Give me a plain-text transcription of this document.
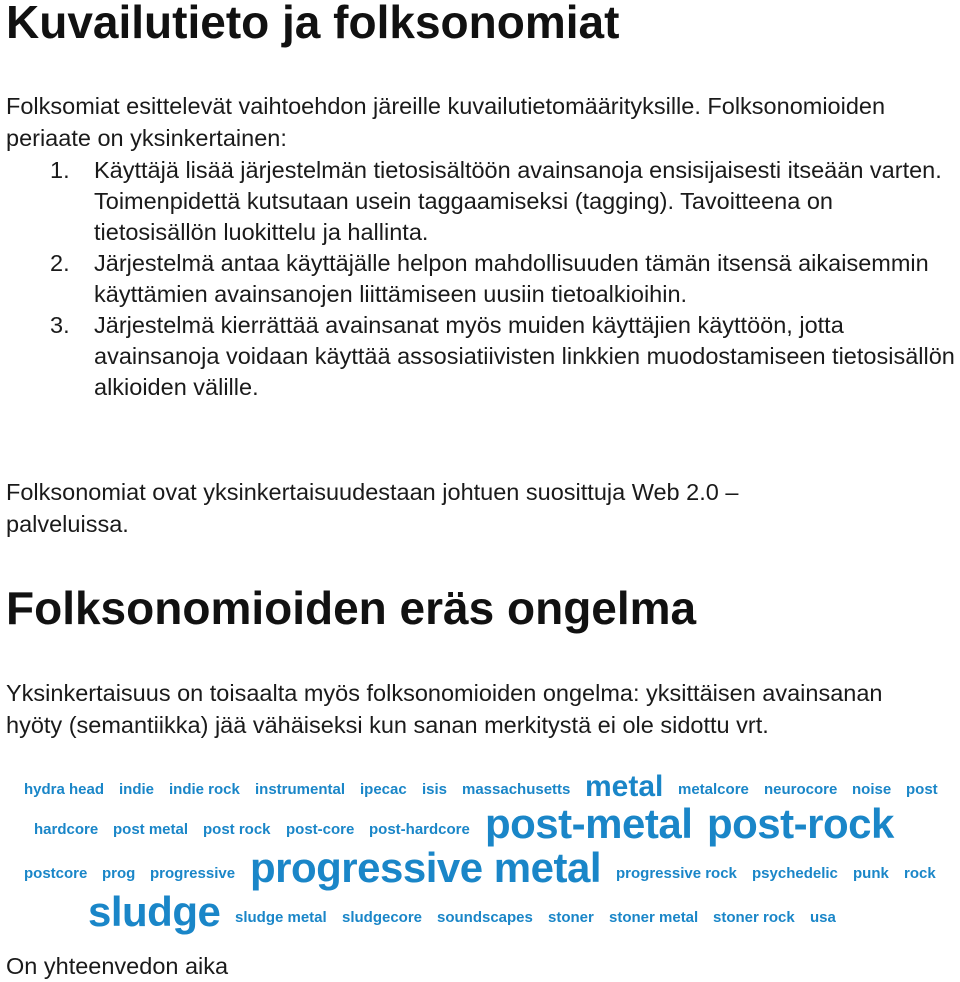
Kuvailutieto ja folksonomiat

Folksomiat esittelevät vaihtoehdon järeille kuvailutietomäärityksille. Folksonomioiden periaate on yksinkertainen:

1. Käyttäjä lisää järjestelmän tietosisältöön avainsanoja ensisijaisesti itseään varten. Toimenpidettä kutsutaan usein taggaamiseksi (tagging). Tavoitteena on tietosisällön luokittelu ja hallinta.
2. Järjestelmä antaa käyttäjälle helpon mahdollisuuden tämän itsensä aikaisemmin käyttämien avainsanojen liittämiseen uusiin tietoalkioihin.
3. Järjestelmä kierrättää avainsanat myös muiden käyttäjien käyttöön, jotta avainsanoja voidaan käyttää assosiatiivisten linkkien muodostamiseen tietosisällön alkioiden välille.

Folksonomiat ovat yksinkertaisuudestaan johtuen suosittuja Web 2.0 –palveluissa.

Folksonomioiden eräs ongelma

Yksinkertaisuus on toisaalta myös folksonomioiden ongelma: yksittäisen avainsanan hyöty (semantiikka) jää vähäiseksi kun sanan merkitystä ei ole sidottu vrt.

hydra head indie indie rock instrumental ipecac isis massachusetts metal metalcore neurocore noise post
hardcore post metal post rock post-core post-hardcore post-metal post-rock
postcore prog progressive progressive metal progressive rock psychedelic punk rock
sludge sludge metal sludgecore soundscapes stoner stoner metal stoner rock usa

On yhteenvedon aika
